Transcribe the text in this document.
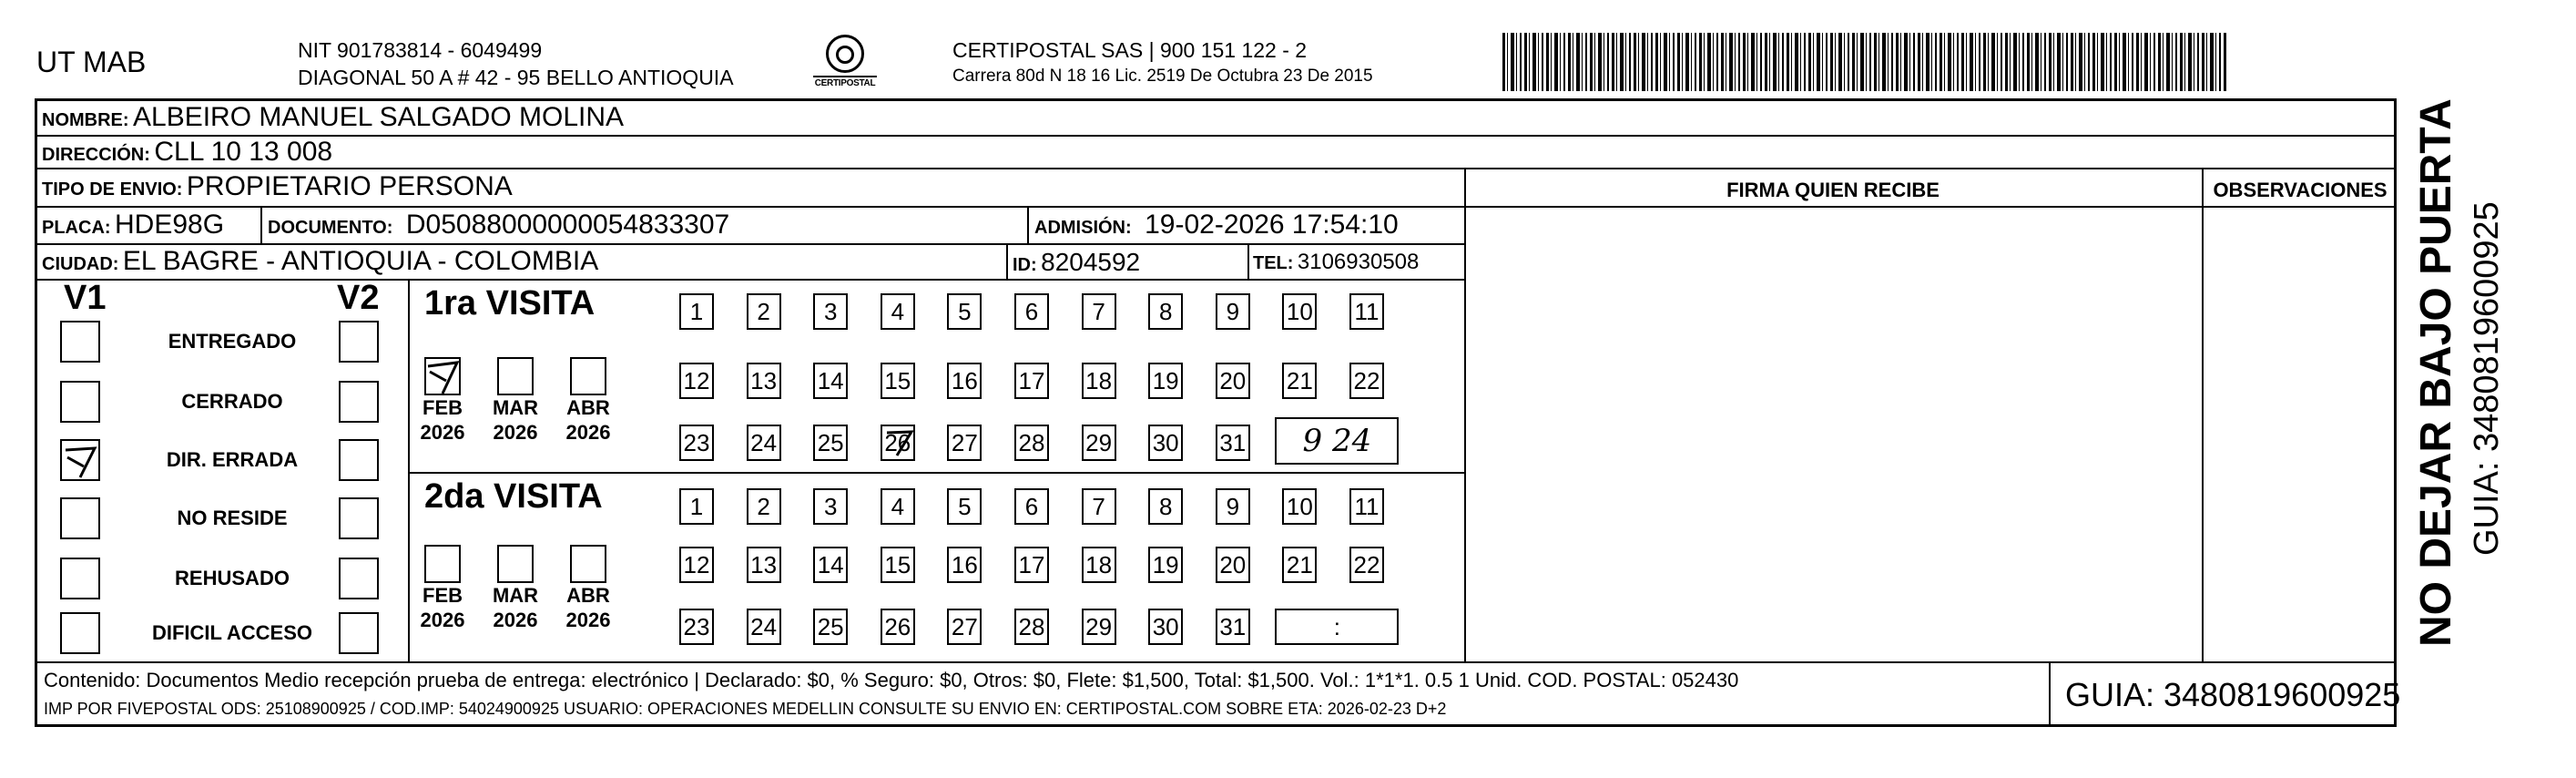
UT MAB	NIT 901783814 - 6049499
DIAGONAL 50 A # 42 - 95 BELLO ANTIOQUIA	CERTIPOSTAL
CERTIPOSTAL SAS | 900 151 122 - 2
Carrera 80d N 18 16 Lic. 2519 De Octubra 23 De 2015
NOMBRE: ALBEIRO MANUEL SALGADO MOLINA
DIRECCIÓN: CLL 10 13 008
TIPO DE ENVIO: PROPIETARIO PERSONA
PLACA: HDE98G DOCUMENTO: D05088000000054833307	ADMISIÓN: 19-02-2026 17:54:10
CIUDAD: EL BAGRE - ANTIOQUIA - COLOMBIA	ID: 8204592	TEL: 3106930508
FIRMA QUIEN RECIBE	OBSERVACIONES
V1	V2
ENTREGADO
CERRADO
DIR. ERRADA
NO RESIDE
REHUSADO
DIFICIL ACCESO
1ra VISITA
FEB
2026
MAR
2026
ABR
2026
1	2	3	4	5	6	7	8	9	10 11
12 13 14 15 16 17 18 19 20 21 22
23 24 25 26 27 28 29 30 31	9 24
2da VISITA
FEB
2026
MAR
2026
ABR
2026
1	2	3	4	5	6	7	8	9	10 11
12 13 14 15 16 17 18 19 20 21 22
23 24 25 26 27 28 29 30 31	:	NO DEJAR BAJO PUERTA GUIA: 3480819600925
Contenido: Documentos Medio recepción prueba de entrega: electrónico | Declarado: $0, % Seguro: $0, Otros: $0, Flete: $1,500, Total: $1,500. Vol.: 1*1*1. 0.5 1 Unid. COD. POSTAL: 052430
IMP POR FIVEPOSTAL ODS: 25108900925 / COD.IMP: 54024900925 USUARIO: OPERACIONES MEDELLIN CONSULTE SU ENVIO EN: CERTIPOSTAL.COM SOBRE ETA: 2026-02-23 D+2	GUIA: 3480819600925
